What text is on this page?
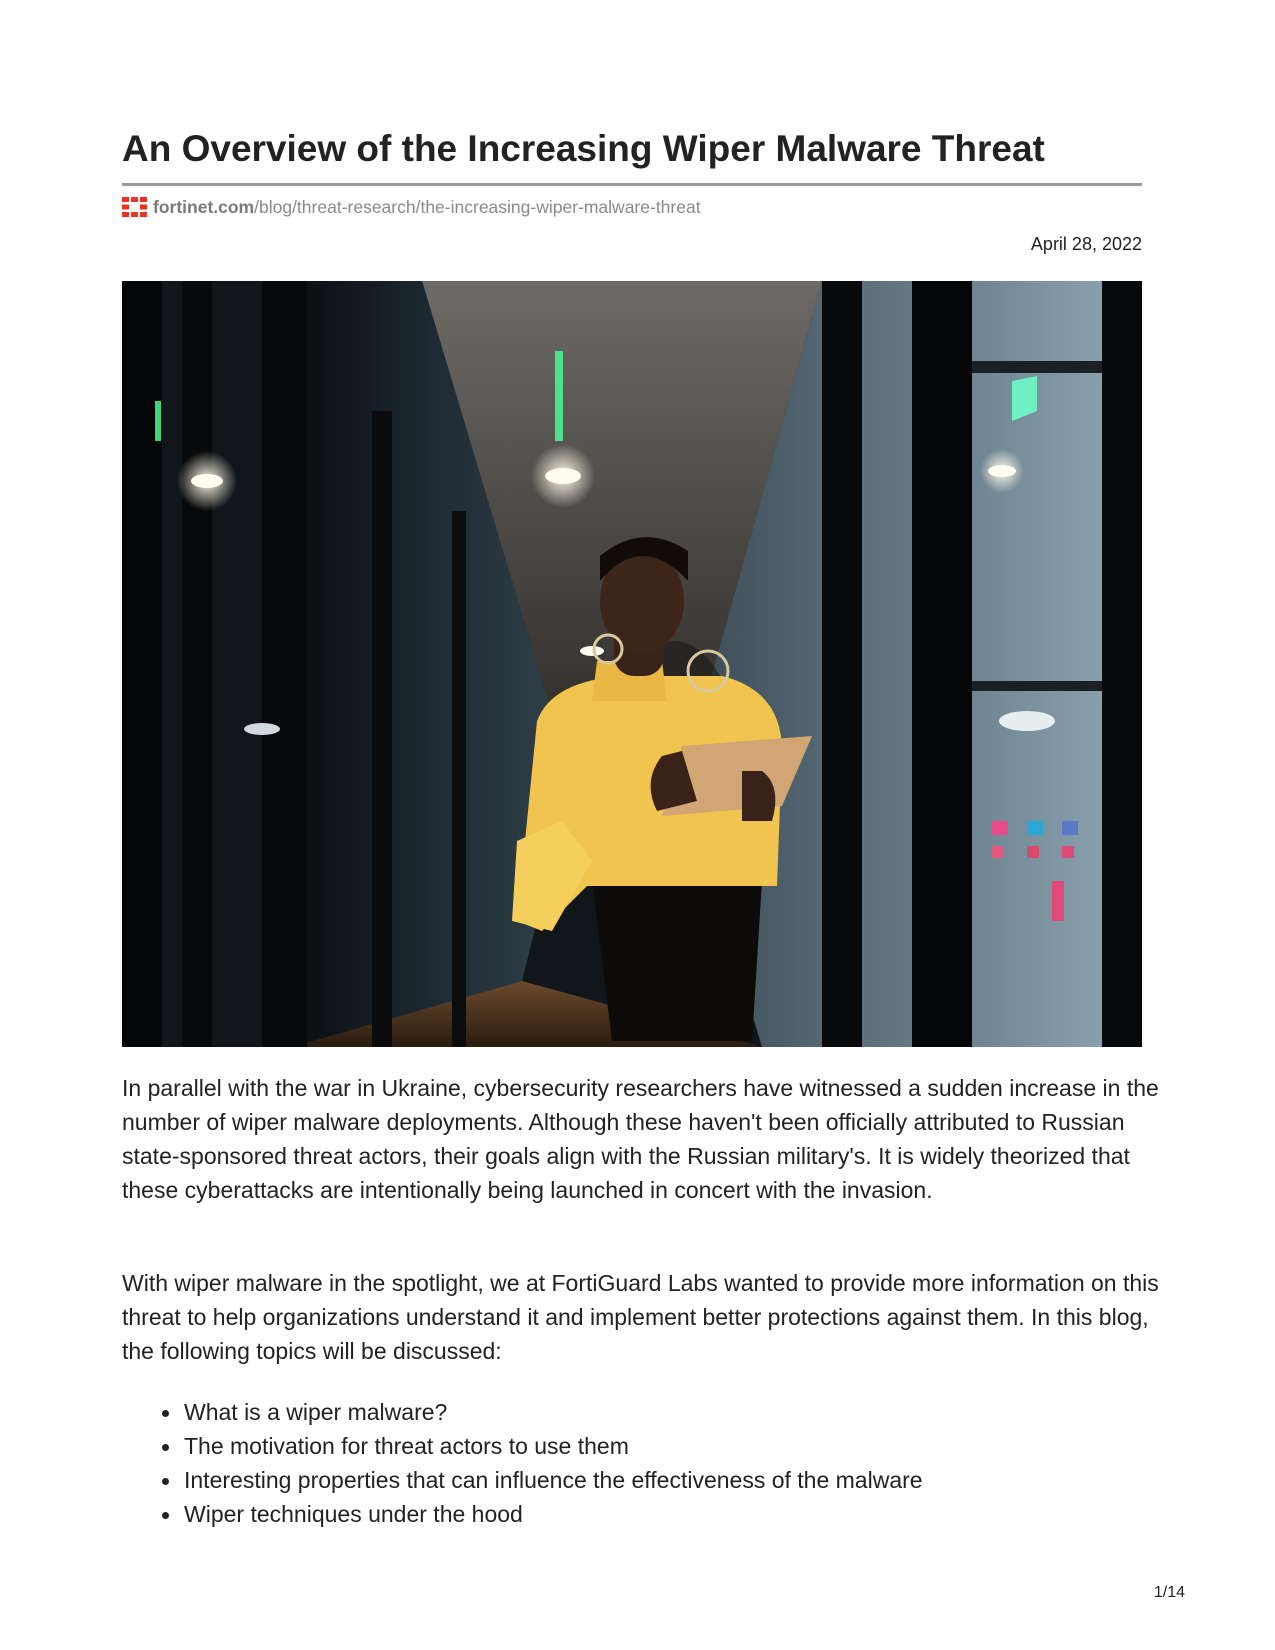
An Overview of the Increasing Wiper Malware Threat
fortinet.com /blog/threat-research/the-increasing-wiper-malware-threat
April 28, 2022

In parallel with the war in Ukraine, cybersecurity researchers have witnessed a sudden increase in the number of wiper malware deployments. Although these haven't been officially attributed to Russian state-sponsored threat actors, their goals align with the Russian military's. It is widely theorized that these cyberattacks are intentionally being launched in concert with the invasion.

With wiper malware in the spotlight, we at FortiGuard Labs wanted to provide more information on this threat to help organizations understand it and implement better protections against them. In this blog, the following topics will be discussed:

What is a wiper malware?
The motivation for threat actors to use them
Interesting properties that can influence the effectiveness of the malware
Wiper techniques under the hood
1/14
